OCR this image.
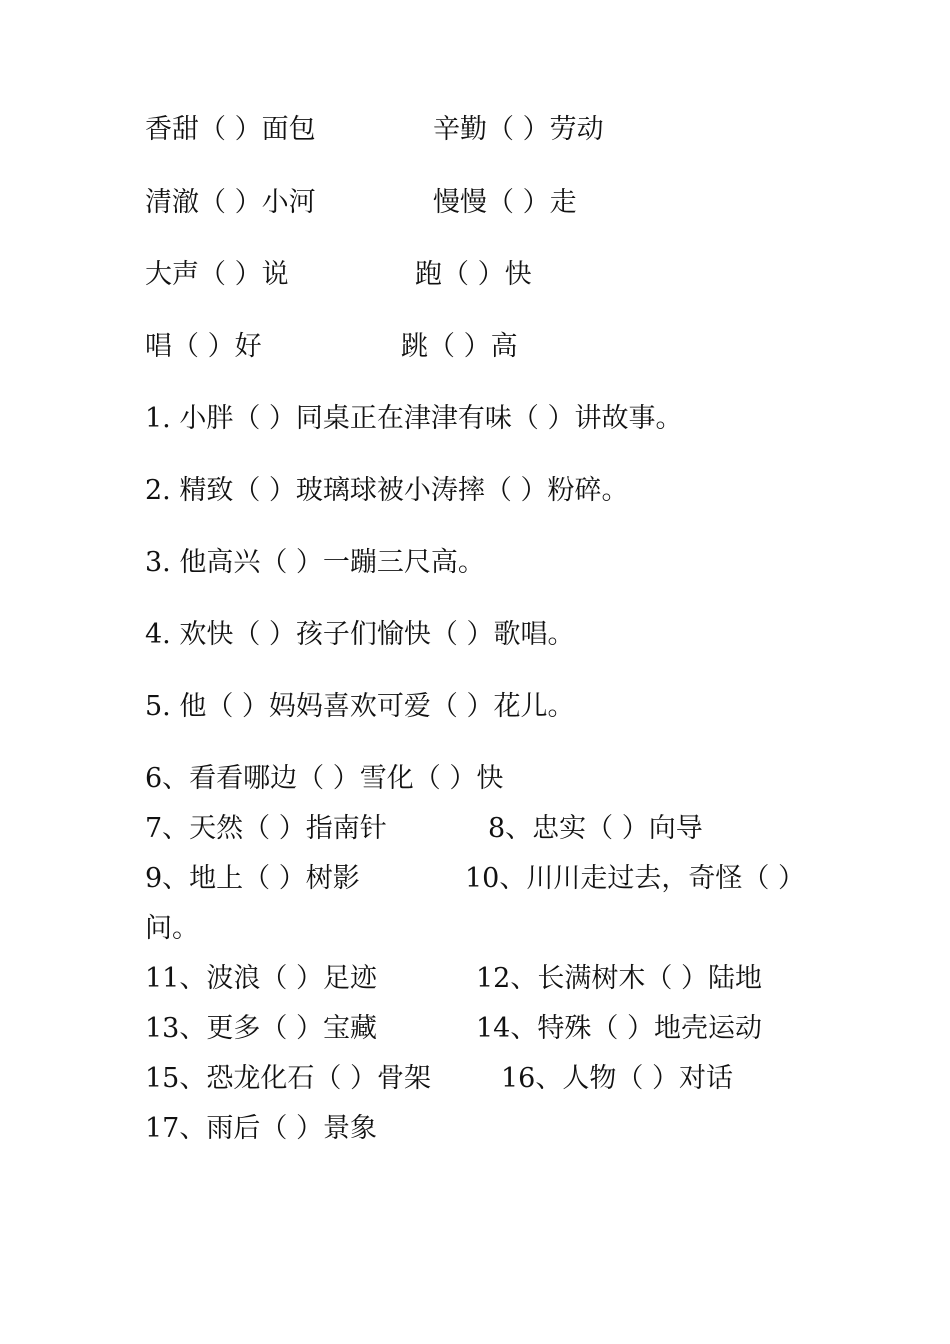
香甜（ ）面包	辛勤（ ）劳动
清澈（ ）小河	慢慢（ ）走
大声（ ）说	跑（ ）快
唱（ ）好	跳（ ）高
1. 小胖（ ）同桌正在津津有味（ ）讲故事。
2. 精致（ ）玻璃球被小涛摔（ ）粉碎。
3. 他高兴（ ）一蹦三尺高。
4. 欢快（ ）孩子们愉快（ ）歌唱。
5. 他（ ）妈妈喜欢可爱（ ）花儿。
6、看看哪边（ ）雪化（ ）快
7、天然（ ）指南针	8、忠实（ ）向导
9、地上（ ）树影	10、川川走过去，奇怪（ ）
问。
11、波浪（ ）足迹	12、长满树木（ ）陆地
13、更多（ ）宝藏	14、特殊（ ）地壳运动
15、恐龙化石（ ）骨架	16、人物（ ）对话
17、雨后（ ）景象
